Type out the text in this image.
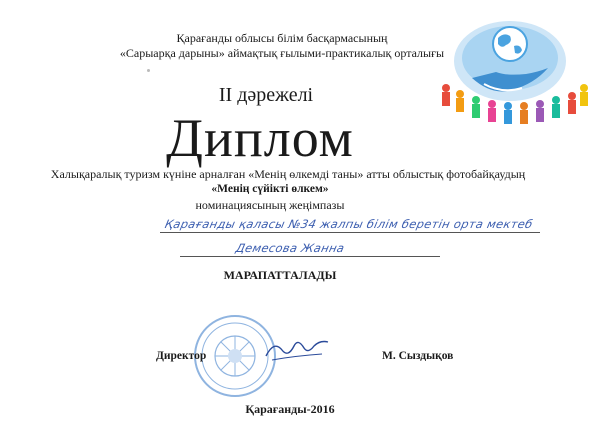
Қарағанды облысы білім басқармасының
«Сарыарқа дарыны» аймақтық ғылыми-практикалық орталығы
II дәрежелі
Диплом
Халықаралық туризм күніне арналған «Менің өлкемді таны» атты облыстық фотобайқаудың
«Менің сүйікті өлкем»
номинациясының жеңімпазы
Қарағанды қаласы №34 жалпы білім беретін орта мектеб
Демесова Жанна
МАРАПАТТАЛАДЫ
Директор	М. Сыздықов
Қарағанды-2016
